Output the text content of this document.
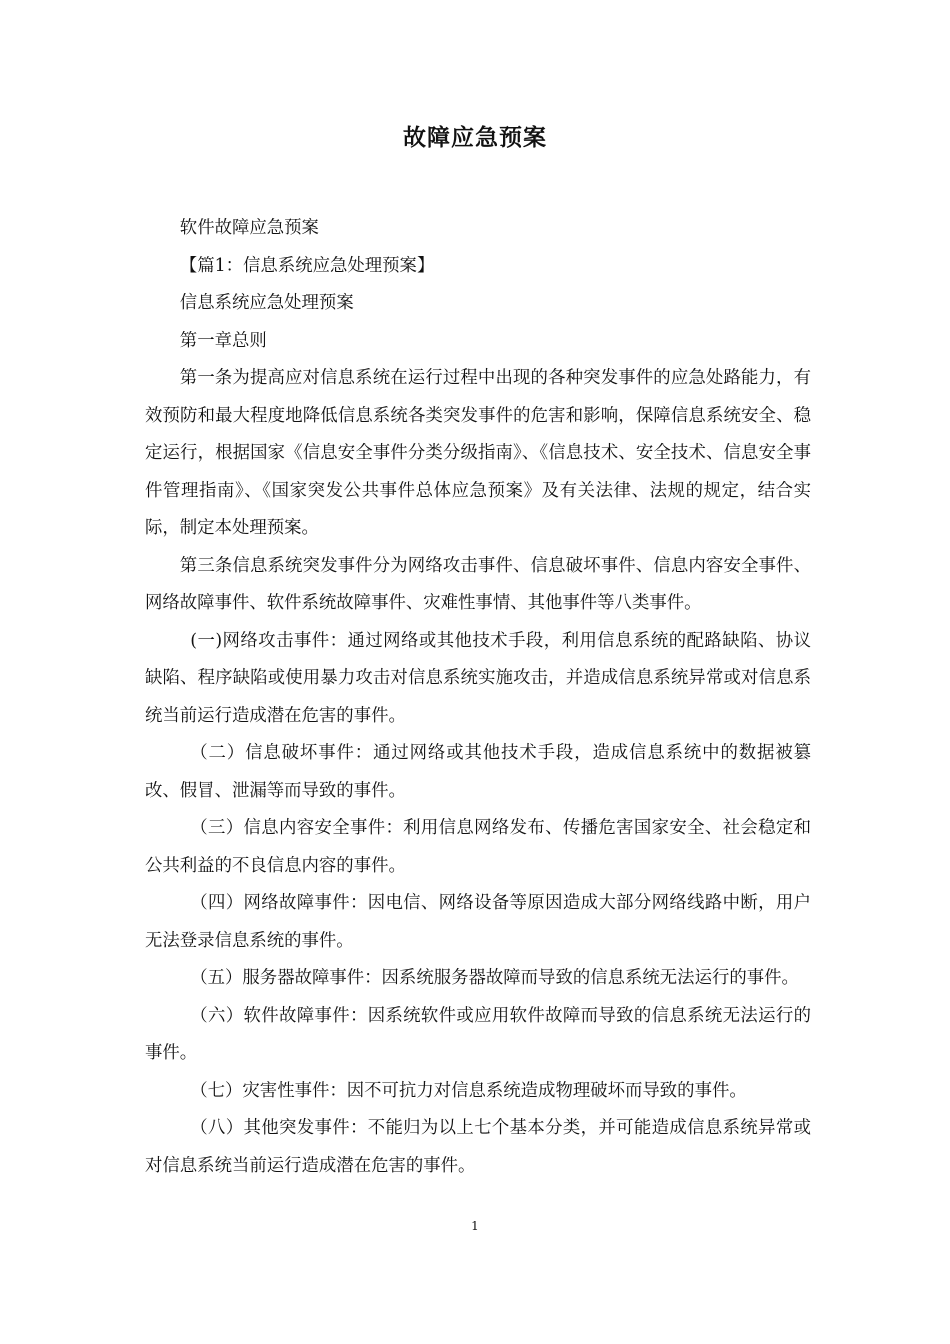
故障应急预案

软件故障应急预案

【篇1：信息系统应急处理预案】

信息系统应急处理预案

第一章总则

第一条为提高应对信息系统在运行过程中出现的各种突发事件的应急处路能力，有效预防和最大程度地降低信息系统各类突发事件的危害和影响，保障信息系统安全、稳定运行，根据国家《信息安全事件分类分级指南》、《信息技术、安全技术、信息安全事件管理指南》、《国家突发公共事件总体应急预案》及有关法律、法规的规定，结合实际，制定本处理预案。

第三条信息系统突发事件分为网络攻击事件、信息破坏事件、信息内容安全事件、网络故障事件、软件系统故障事件、灾难性事情、其他事件等八类事件。

(一)网络攻击事件：通过网络或其他技术手段，利用信息系统的配路缺陷、协议缺陷、程序缺陷或使用暴力攻击对信息系统实施攻击，并造成信息系统异常或对信息系统当前运行造成潜在危害的事件。

（二）信息破坏事件：通过网络或其他技术手段，造成信息系统中的数据被篡改、假冒、泄漏等而导致的事件。

（三）信息内容安全事件：利用信息网络发布、传播危害国家安全、社会稳定和公共利益的不良信息内容的事件。

（四）网络故障事件：因电信、网络设备等原因造成大部分网络线路中断，用户无法登录信息系统的事件。

（五）服务器故障事件：因系统服务器故障而导致的信息系统无法运行的事件。

（六）软件故障事件：因系统软件或应用软件故障而导致的信息系统无法运行的事件。

（七）灾害性事件：因不可抗力对信息系统造成物理破坏而导致的事件。

（八）其他突发事件：不能归为以上七个基本分类，并可能造成信息系统异常或对信息系统当前运行造成潜在危害的事件。

1
